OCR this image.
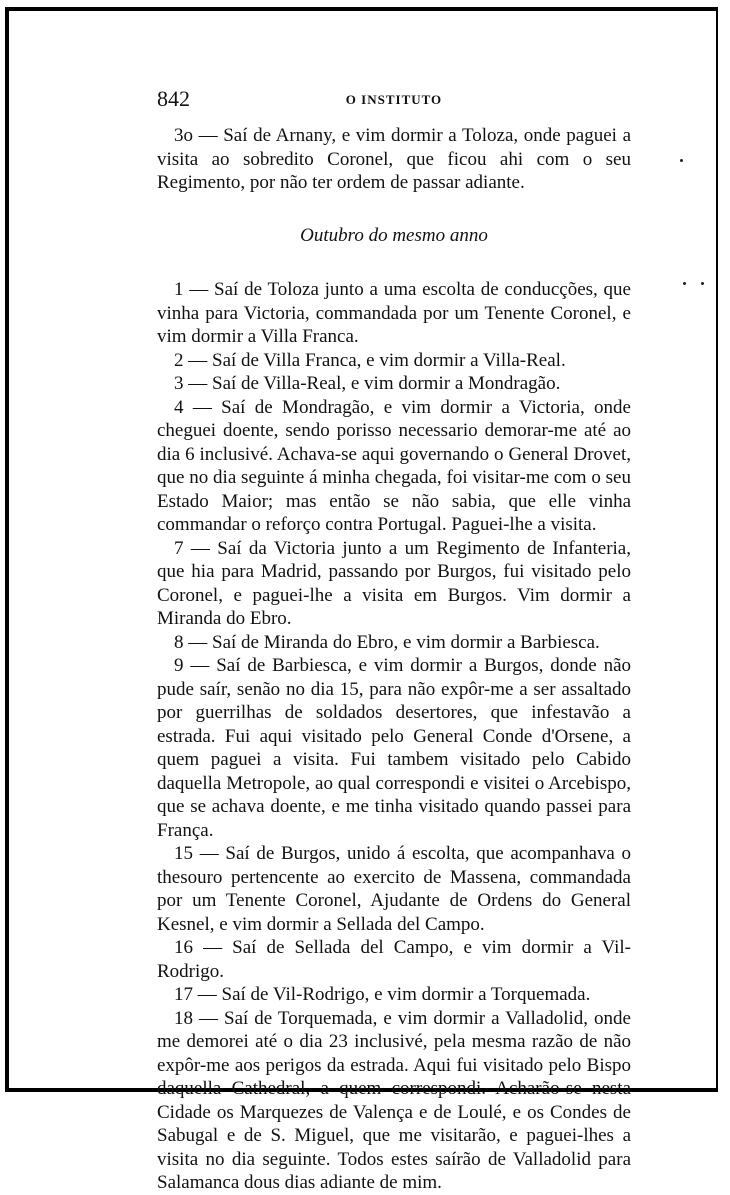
842	O INSTITUTO

3o — Saí de Arnany, e vim dormir a Toloza, onde paguei a visita ao sobredito Coronel, que ficou ahi com o seu Regimento, por não ter ordem de passar adiante.

Outubro do mesmo anno

1 — Saí de Toloza junto a uma escolta de conducções, que vinha para Victoria, commandada por um Tenente Coronel, e vim dormir a Villa Franca.

2 — Saí de Villa Franca, e vim dormir a Villa-Real.

3 — Saí de Villa-Real, e vim dormir a Mondragão.

4 — Saí de Mondragão, e vim dormir a Victoria, onde cheguei doente, sendo porisso necessario demorar-me até ao dia 6 inclusivé. Achava-se aqui governando o General Drovet, que no dia seguinte á minha chegada, foi visitar-me com o seu Estado Maior; mas então se não sabia, que elle vinha commandar o reforço contra Portugal. Paguei-lhe a visita.

7 — Saí da Victoria junto a um Regimento de Infanteria, que hia para Madrid, passando por Burgos, fui visitado pelo Coronel, e paguei-lhe a visita em Burgos. Vim dormir a Miranda do Ebro.

8 — Saí de Miranda do Ebro, e vim dormir a Barbiesca.

9 — Saí de Barbiesca, e vim dormir a Burgos, donde não pude saír, senão no dia 15, para não expôr-me a ser assaltado por guerrilhas de soldados desertores, que infestavão a estrada. Fui aqui visitado pelo General Conde d'Orsene, a quem paguei a visita. Fui tambem visitado pelo Cabido daquella Metropole, ao qual correspondi e visitei o Arcebispo, que se achava doente, e me tinha visitado quando passei para França.

15 — Saí de Burgos, unido á escolta, que acompanhava o thesouro pertencente ao exercito de Massena, commandada por um Tenente Coronel, Ajudante de Ordens do General Kesnel, e vim dormir a Sellada del Campo.

16 — Saí de Sellada del Campo, e vim dormir a Vil-Rodrigo.

17 — Saí de Vil-Rodrigo, e vim dormir a Torquemada.

18 — Saí de Torquemada, e vim dormir a Valladolid, onde me demorei até o dia 23 inclusivé, pela mesma razão de não expôr-me aos perigos da estrada. Aqui fui visitado pelo Bispo daquella Cathedral, a quem correspondi. Acharão-se nesta Cidade os Marquezes de Valença e de Loulé, e os Condes de Sabugal e de S. Miguel, que me visitarão, e paguei-lhes a visita no dia seguinte. Todos estes saírão de Valladolid para Salamanca dous dias adiante de mim.
